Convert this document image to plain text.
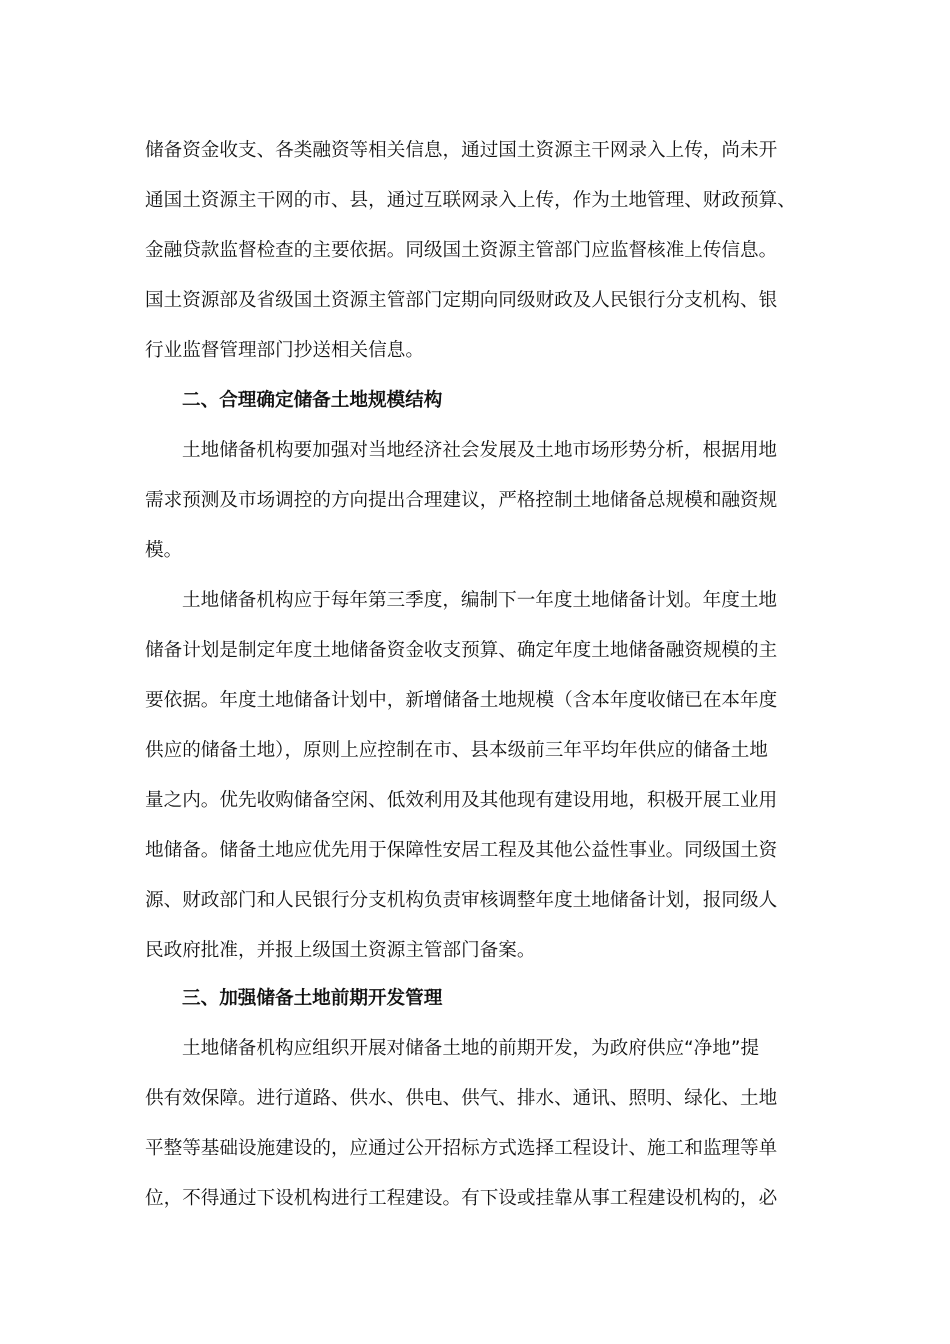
储备资金收支、各类融资等相关信息，通过国土资源主干网录入上传，尚未开
通国土资源主干网的市、县，通过互联网录入上传，作为土地管理、财政预算、
金融贷款监督检查的主要依据。同级国土资源主管部门应监督核准上传信息。
国土资源部及省级国土资源主管部门定期向同级财政及人民银行分支机构、银
行业监督管理部门抄送相关信息。
二、合理确定储备土地规模结构
土地储备机构要加强对当地经济社会发展及土地市场形势分析，根据用地
需求预测及市场调控的方向提出合理建议，严格控制土地储备总规模和融资规
模。
土地储备机构应于每年第三季度，编制下一年度土地储备计划。年度土地
储备计划是制定年度土地储备资金收支预算、确定年度土地储备融资规模的主
要依据。年度土地储备计划中，新增储备土地规模（含本年度收储已在本年度
供应的储备土地），原则上应控制在市、县本级前三年平均年供应的储备土地
量之内。优先收购储备空闲、低效利用及其他现有建设用地，积极开展工业用
地储备。储备土地应优先用于保障性安居工程及其他公益性事业。同级国土资
源、财政部门和人民银行分支机构负责审核调整年度土地储备计划，报同级人
民政府批准，并报上级国土资源主管部门备案。
三、加强储备土地前期开发管理
土地储备机构应组织开展对储备土地的前期开发，为政府供应“净地”提
供有效保障。进行道路、供水、供电、供气、排水、通讯、照明、绿化、土地
平整等基础设施建设的，应通过公开招标方式选择工程设计、施工和监理等单
位，不得通过下设机构进行工程建设。有下设或挂靠从事工程建设机构的，必
